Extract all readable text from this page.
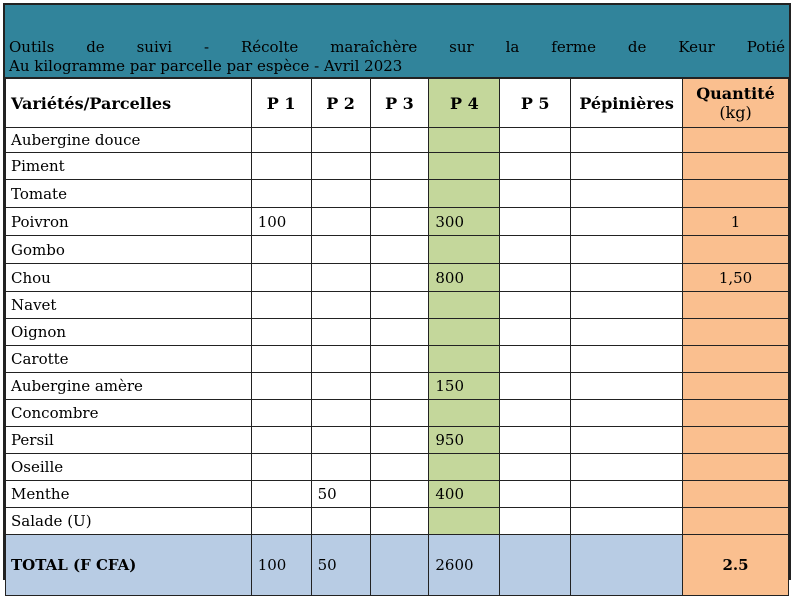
Outils de suivi - Récolte maraîchère sur la ferme de Keur Potié
Au kilogramme par parcelle par espèce - Avril 2023
Variétés/Parcelles	P 1	P 2	P 3	P 4	P 5	Pépinières	Quantité
(kg)

Aubergine douce							
Piment							
Tomate							
Poivron	100			300			1
Gombo							
Chou				800			1,50
Navet							
Oignon							
Carotte							
Aubergine amère				150			
Concombre							
Persil				950			
Oseille							
Menthe		50		400			
Salade (U)							
TOTAL (F CFA)	100	50		2600			2.5
